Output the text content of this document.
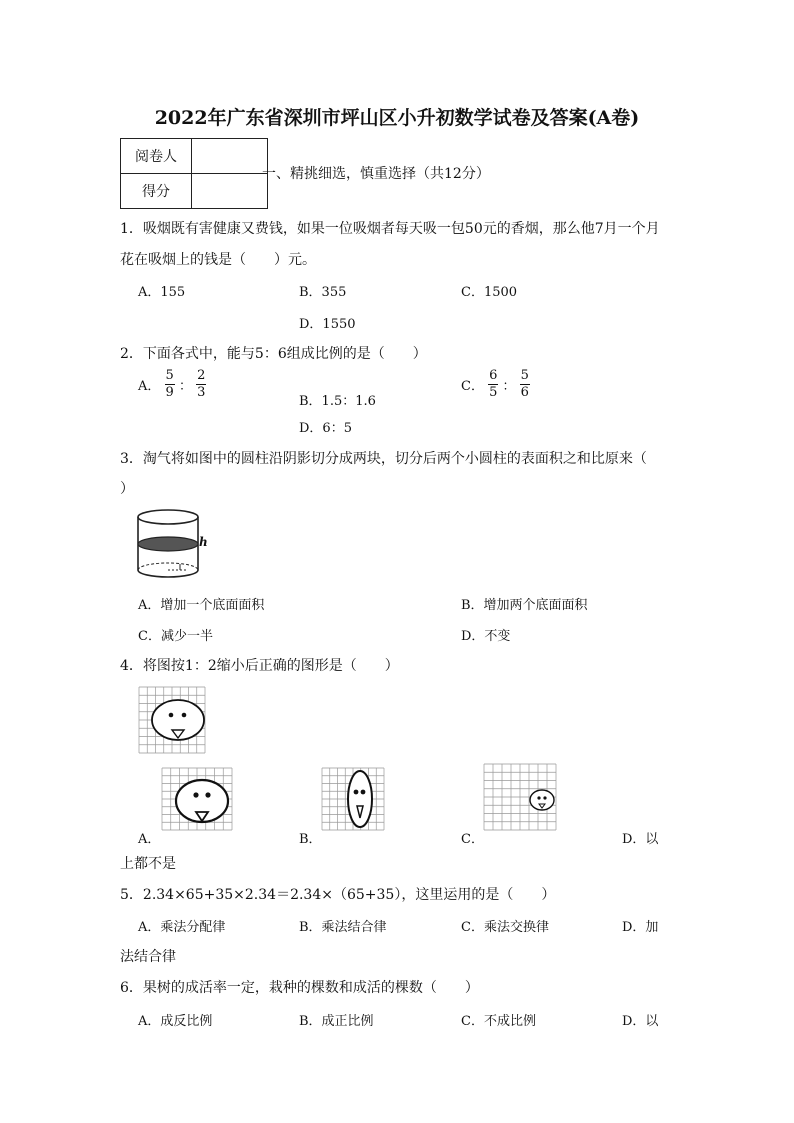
2022年广东省深圳市坪山区小升初数学试卷及答案(A卷)
阅卷人	
得分	
一、精挑细选，慎重选择（共12分）
1．吸烟既有害健康又费钱，如果一位吸烟者每天吸一包50元的香烟，那么他7月一个月
花在吸烟上的钱是（　　）元。
A．155	B．355	C．1500
D．1550
2．下面各式中，能与5：6组成比例的是（　　）
A． $\frac{5}{9}$ ： $\frac{2}{3}$
B．1.5：1.6
C． $\frac{6}{5}$ ： $\frac{5}{6}$
D．6：5
3．淘气将如图中的圆柱沿阴影切分成两块，切分后两个小圆柱的表面积之和比原来（
）
h
A．增加一个底面面积	B．增加两个底面面积
C．减少一半	D．不变
4．将图按1：2缩小后正确的图形是（　　）
A．	B．	C．	D．以
上都不是
5．2.34×65+35×2.34＝2.34×（65+35），这里运用的是（　　）
A．乘法分配律	B．乘法结合律	C．乘法交换律	D．加
法结合律
6．果树的成活率一定，栽种的棵数和成活的棵数（　　）
A．成反比例	B．成正比例	C．不成比例	D．以
